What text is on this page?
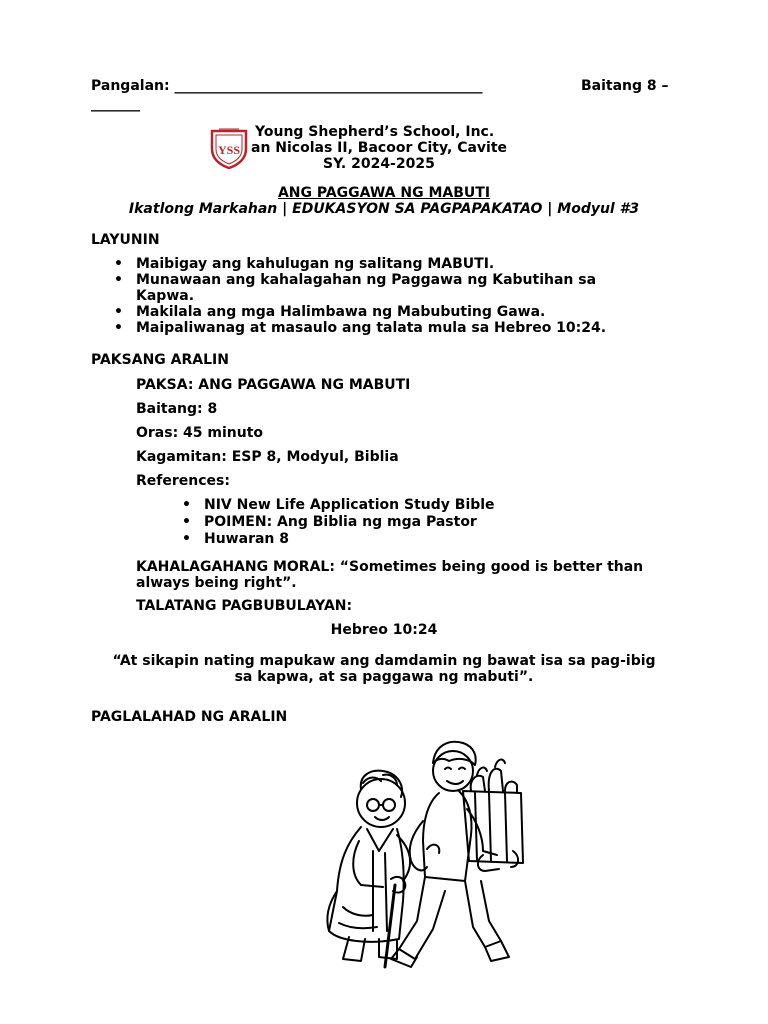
Pangalan: ____________________________________________	Baitang 8 –
_______
YSS
Young Shepherd’s School, Inc.
an Nicolas II, Bacoor City, Cavite
SY. 2024-2025
ANG PAGGAWA NG MABUTI
Ikatlong Markahan | EDUKASYON SA PAGPAPAKATAO | Modyul #3
LAYUNIN
• Maibigay ang kahulugan ng salitang MABUTI.
• Munawaan ang kahalagahan ng Paggawa ng Kabutihan sa Kapwa.
• Makilala ang mga Halimbawa ng Mabubuting Gawa.
• Maipaliwanag at masaulo ang talata mula sa Hebreo 10:24.
PAKSANG ARALIN
PAKSA: ANG PAGGAWA NG MABUTI
Baitang: 8
Oras: 45 minuto
Kagamitan: ESP 8, Modyul, Biblia
References:
• NIV New Life Application Study Bible
• POIMEN: Ang Biblia ng mga Pastor
• Huwaran 8
KAHALAGAHANG MORAL: “Sometimes being good is better than always being right”.
TALATANG PAGBUBULAYAN:
Hebreo 10:24
“At sikapin nating mapukaw ang damdamin ng bawat isa sa pag-ibig sa kapwa, at sa paggawa ng mabuti”.
PAGLALAHAD NG ARALIN
